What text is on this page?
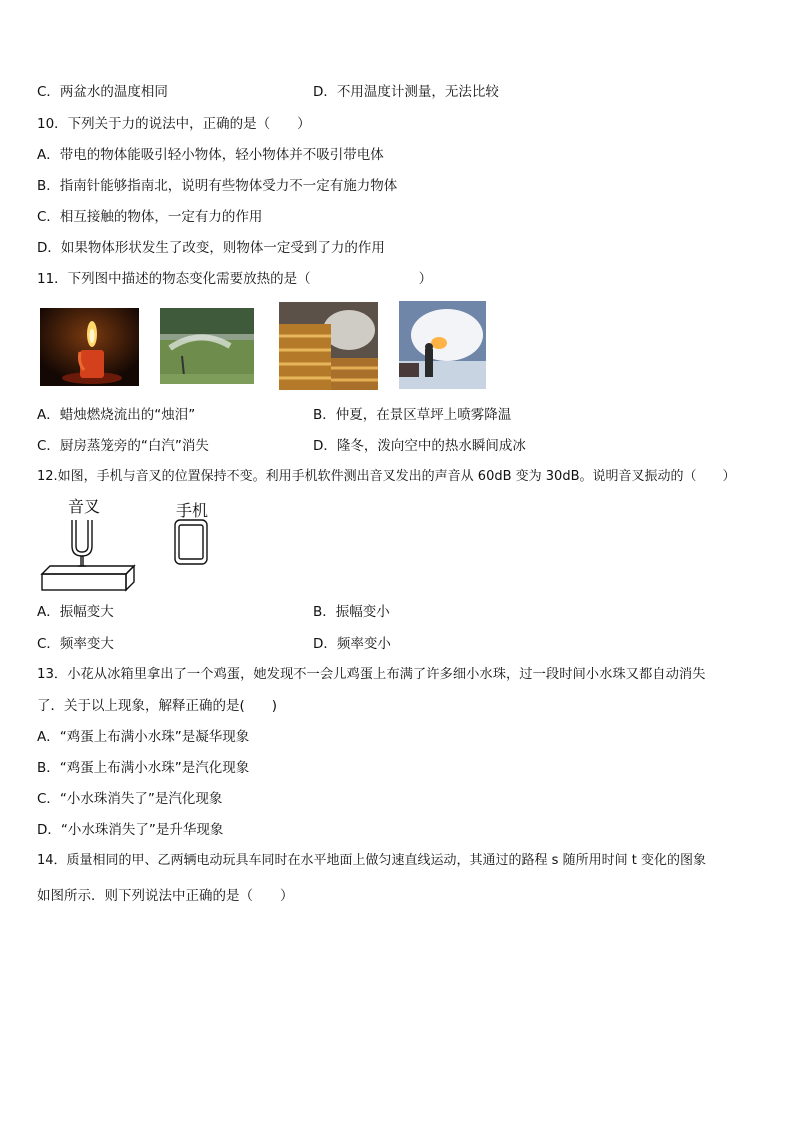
C．两盆水的温度相同	D．不用温度计测量，无法比较
10．下列关于力的说法中，正确的是（　　）
A．带电的物体能吸引轻小物体，轻小物体并不吸引带电体
B．指南针能够指南北，说明有些物体受力不一定有施力物体
C．相互接触的物体，一定有力的作用
D．如果物体形状发生了改变，则物体一定受到了力的作用
11．下列图中描述的物态变化需要放热的是（　　　　　　　　）
A．蜡烛燃烧流出的“烛泪”	B．仲夏，在景区草坪上喷雾降温
C．厨房蒸笼旁的“白汽”消失	D．隆冬，泼向空中的热水瞬间成冰
12.如图，手机与音叉的位置保持不变。利用手机软件测出音叉发出的声音从 60dB 变为 30dB。说明音叉振动的（　　）
音叉	手机
A．振幅变大	B．振幅变小
C．频率变大	D．频率变小
13．小花从冰箱里拿出了一个鸡蛋，她发现不一会儿鸡蛋上布满了许多细小水珠，过一段时间小水珠又都自动消失
了．关于以上现象，解释正确的是(　　)
A．“鸡蛋上布满小水珠”是凝华现象
B．“鸡蛋上布满小水珠”是汽化现象
C．“小水珠消失了”是汽化现象
D．“小水珠消失了”是升华现象
14．质量相同的甲、乙两辆电动玩具车同时在水平地面上做匀速直线运动，其通过的路程 s 随所用时间 t 变化的图象
如图所示．则下列说法中正确的是（　　）
